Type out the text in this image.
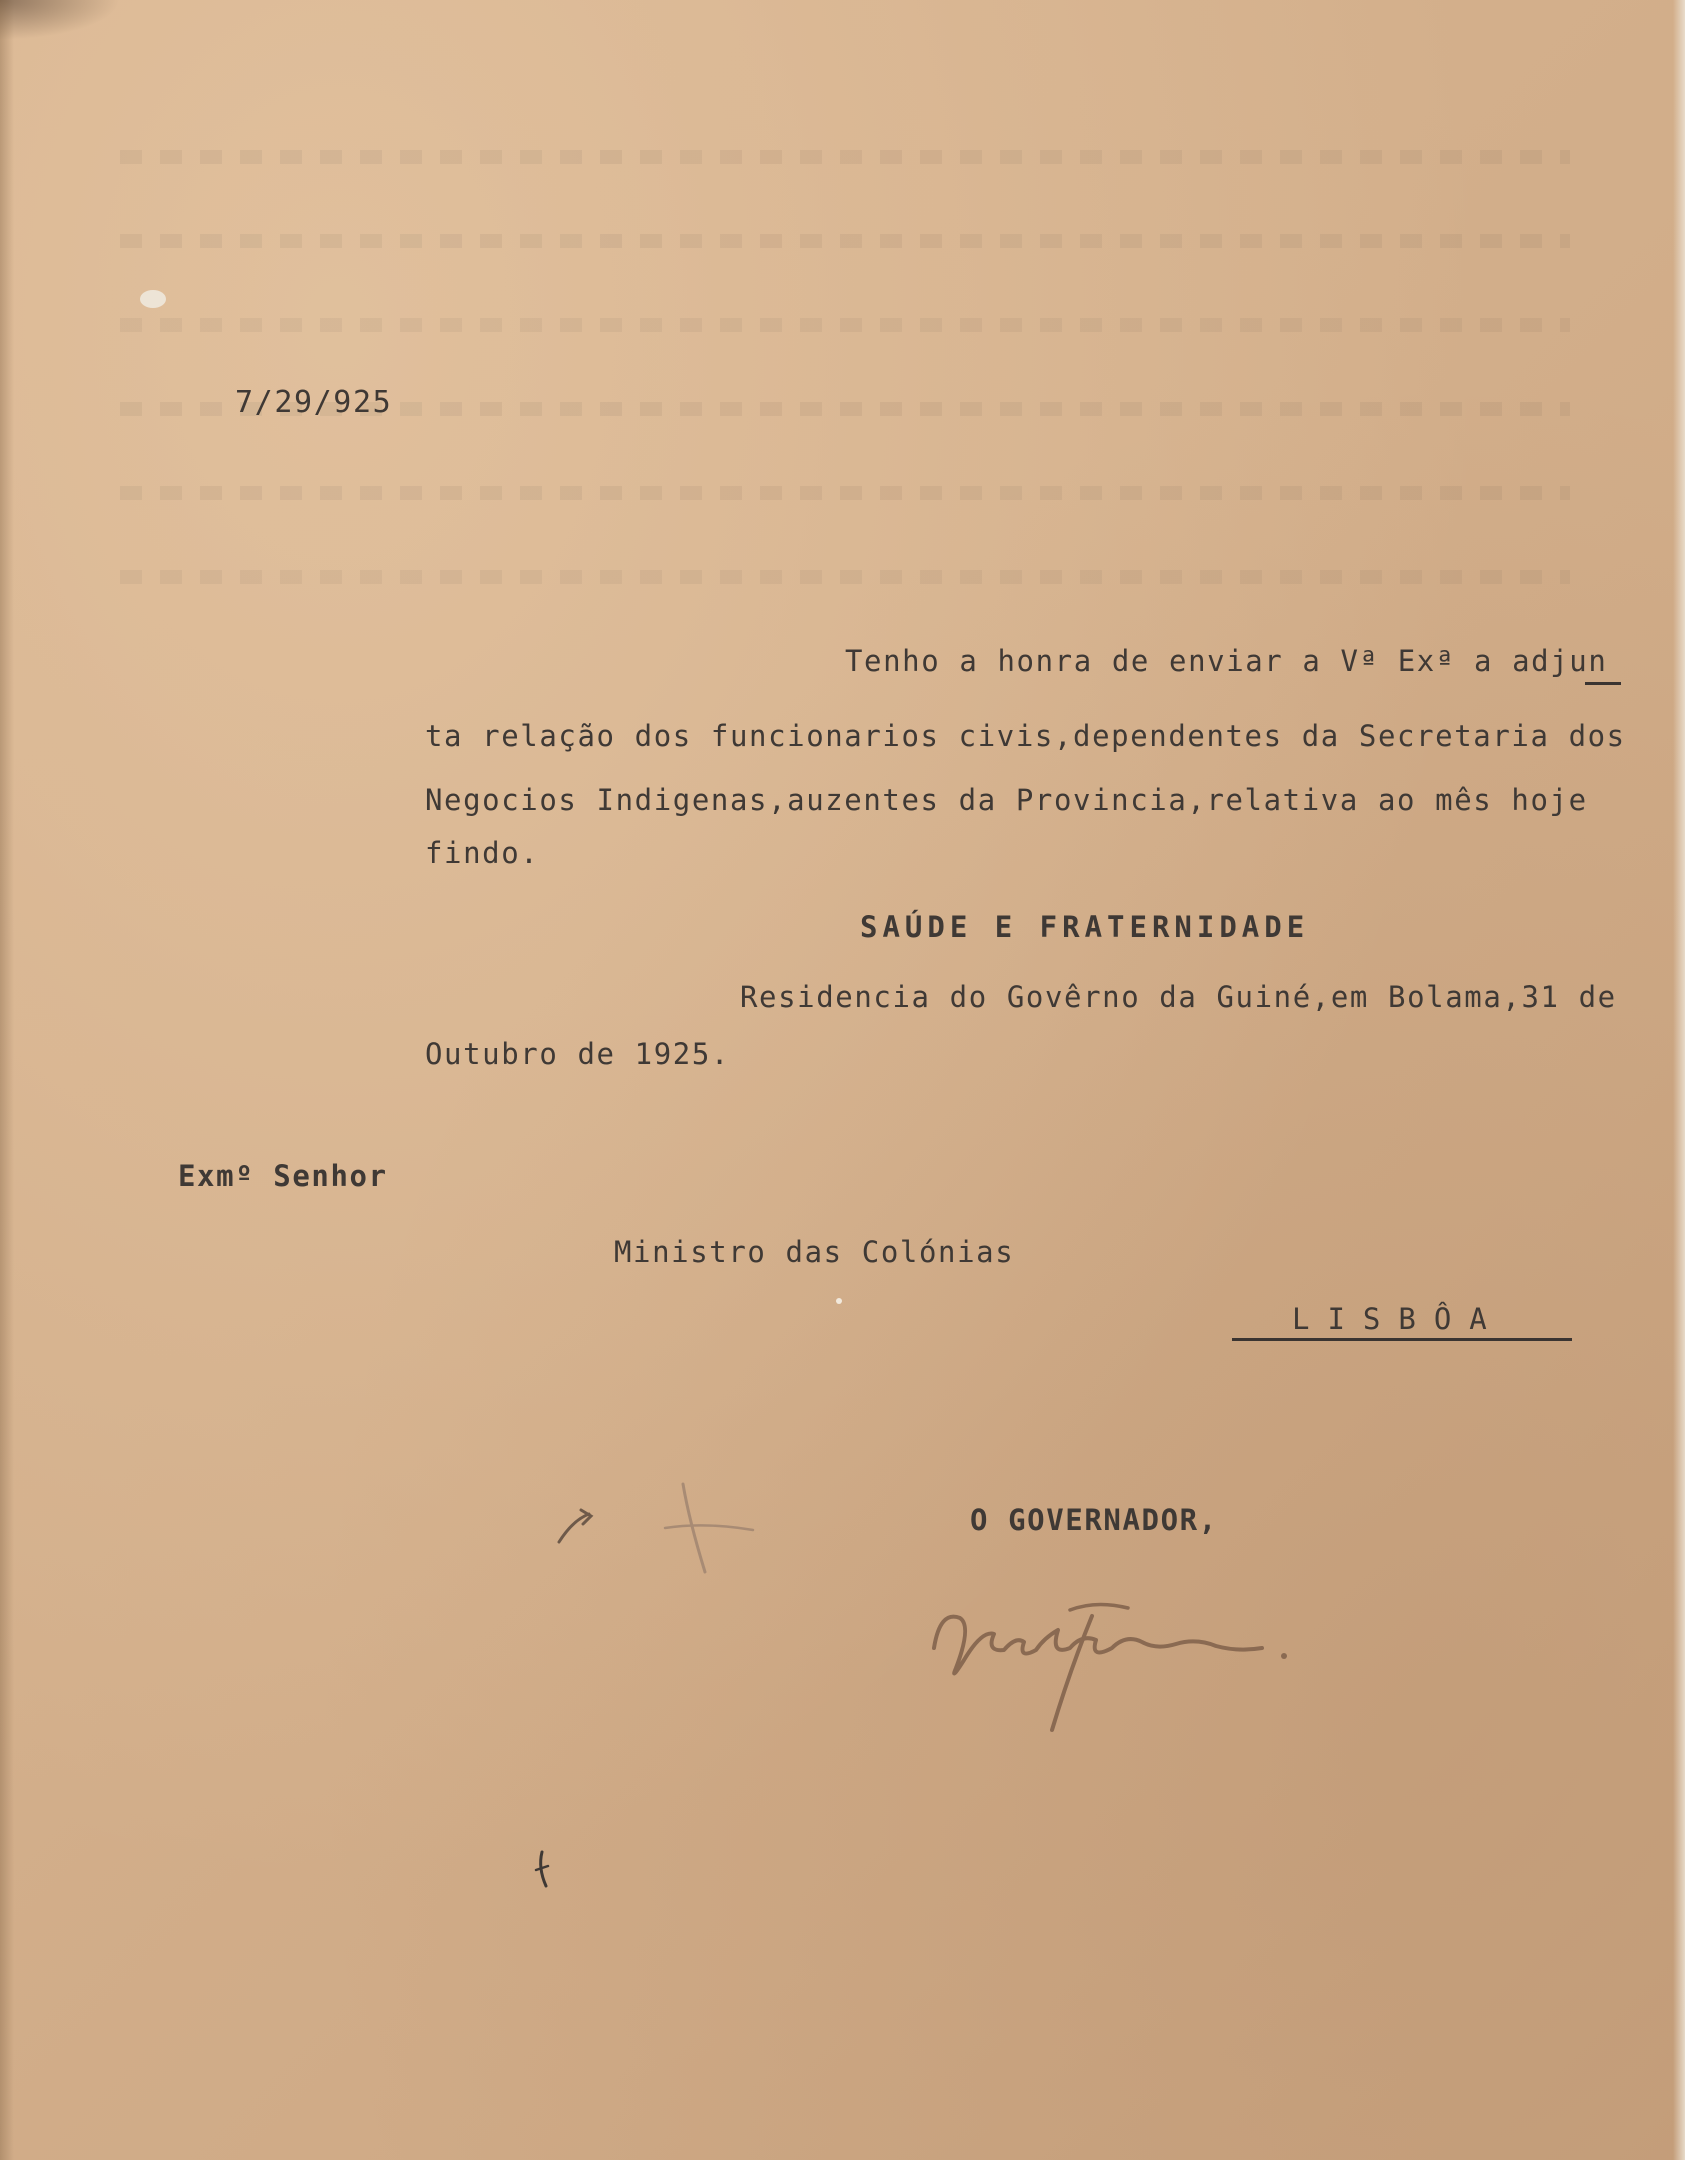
7/29/925

Tenho a honra de enviar a Vª Exª a adjun

ta relação dos funcionarios civis,dependentes da Secretaria dos

Negocios Indigenas,auzentes da Provincia,relativa ao mês hoje

findo.

SAÚDE E FRATERNIDADE

Residencia do Govêrno da Guiné,em Bolama,31 de

Outubro de 1925.

Exmº Senhor

Ministro das Colónias

LISBÔA

O GOVERNADOR,
